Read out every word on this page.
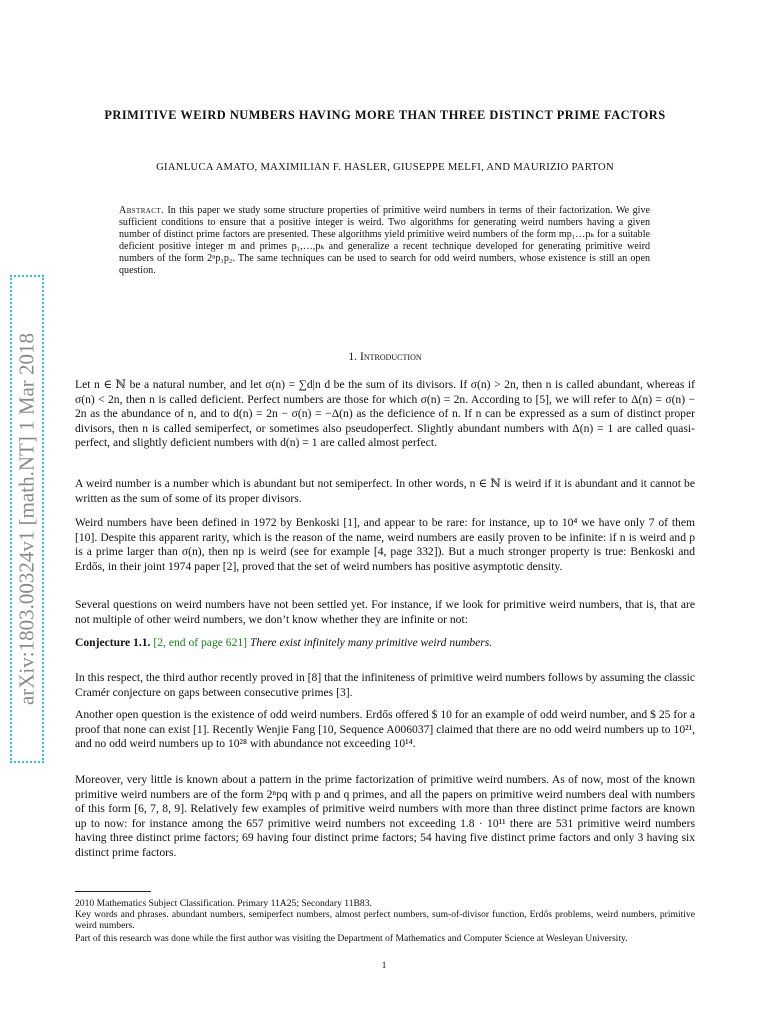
PRIMITIVE WEIRD NUMBERS HAVING MORE THAN THREE DISTINCT PRIME FACTORS
GIANLUCA AMATO, MAXIMILIAN F. HASLER, GIUSEPPE MELFI, AND MAURIZIO PARTON
Abstract. In this paper we study some structure properties of primitive weird numbers in terms of their factorization. We give sufficient conditions to ensure that a positive integer is weird. Two algorithms for generating weird numbers having a given number of distinct prime factors are presented. These algorithms yield primitive weird numbers of the form mp₁…pₖ for a suitable deficient positive integer m and primes p₁,…,pₖ and generalize a recent technique developed for generating primitive weird numbers of the form 2ⁿp₁p₂. The same techniques can be used to search for odd weird numbers, whose existence is still an open question.
1. Introduction
Let n ∈ ℕ be a natural number, and let σ(n) = ∑d|n d be the sum of its divisors. If σ(n) > 2n, then n is called abundant, whereas if σ(n) < 2n, then n is called deficient. Perfect numbers are those for which σ(n) = 2n. According to [5], we will refer to Δ(n) = σ(n) − 2n as the abundance of n, and to d(n) = 2n − σ(n) = −Δ(n) as the deficience of n. If n can be expressed as a sum of distinct proper divisors, then n is called semiperfect, or sometimes also pseudoperfect. Slightly abundant numbers with Δ(n) = 1 are called quasi-perfect, and slightly deficient numbers with d(n) = 1 are called almost perfect.
A weird number is a number which is abundant but not semiperfect. In other words, n ∈ ℕ is weird if it is abundant and it cannot be written as the sum of some of its proper divisors.
Weird numbers have been defined in 1972 by Benkoski [1], and appear to be rare: for instance, up to 10⁴ we have only 7 of them [10]. Despite this apparent rarity, which is the reason of the name, weird numbers are easily proven to be infinite: if n is weird and p is a prime larger than σ(n), then np is weird (see for example [4, page 332]). But a much stronger property is true: Benkoski and Erdős, in their joint 1974 paper [2], proved that the set of weird numbers has positive asymptotic density.
Several questions on weird numbers have not been settled yet. For instance, if we look for primitive weird numbers, that is, that are not multiple of other weird numbers, we don’t know whether they are infinite or not:
Conjecture 1.1. [2, end of page 621] There exist infinitely many primitive weird numbers.
In this respect, the third author recently proved in [8] that the infiniteness of primitive weird numbers follows by assuming the classic Cramér conjecture on gaps between consecutive primes [3].
Another open question is the existence of odd weird numbers. Erdős offered $ 10 for an example of odd weird number, and $ 25 for a proof that none can exist [1]. Recently Wenjie Fang [10, Sequence A006037] claimed that there are no odd weird numbers up to 10²¹, and no odd weird numbers up to 10²⁸ with abundance not exceeding 10¹⁴.
Moreover, very little is known about a pattern in the prime factorization of primitive weird numbers. As of now, most of the known primitive weird numbers are of the form 2ⁿpq with p and q primes, and all the papers on primitive weird numbers deal with numbers of this form [6, 7, 8, 9]. Relatively few examples of primitive weird numbers with more than three distinct prime factors are known up to now: for instance among the 657 primitive weird numbers not exceeding 1.8 · 10¹¹ there are 531 primitive weird numbers having three distinct prime factors; 69 having four distinct prime factors; 54 having five distinct prime factors and only 3 having six distinct prime factors.
2010 Mathematics Subject Classification. Primary 11A25; Secondary 11B83.
Key words and phrases. abundant numbers, semiperfect numbers, almost perfect numbers, sum-of-divisor function, Erdős problems, weird numbers, primitive weird numbers.
Part of this research was done while the first author was visiting the Department of Mathematics and Computer Science at Wesleyan University.
1
arXiv:1803.00324v1 [math.NT] 1 Mar 2018
